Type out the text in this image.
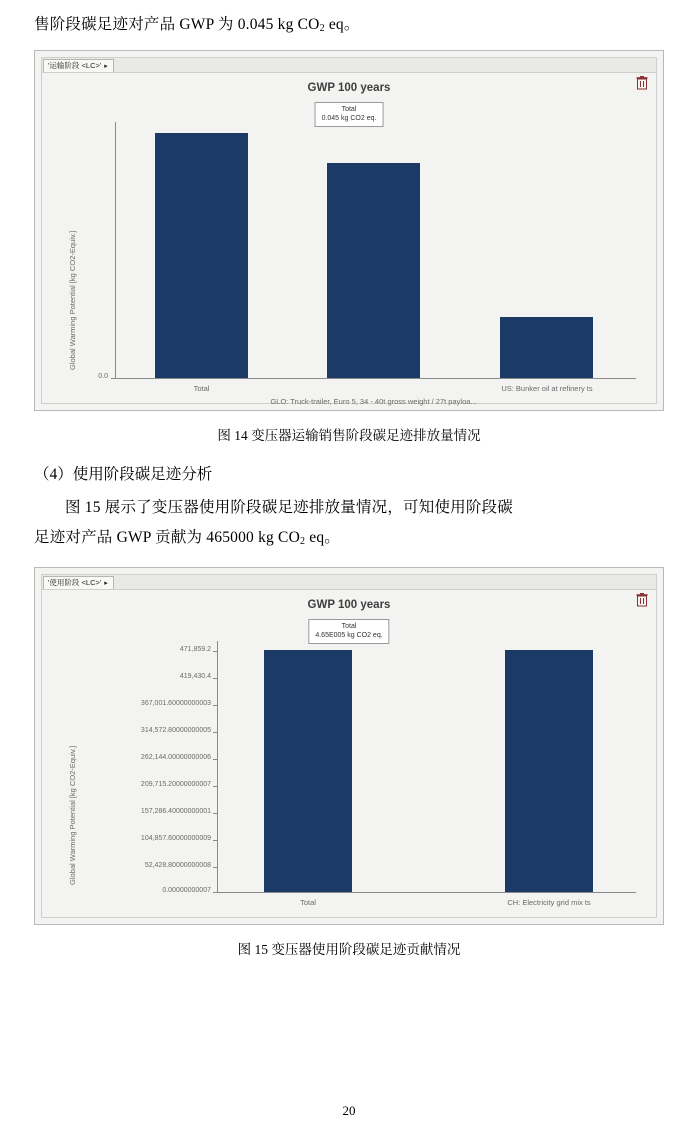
售阶段碳足迹对产品 GWP 为 0.045 kg $CO_2$ eq。

'运输阶段 <LC>' ▸
GWP 100 years
Total
0.045 kg CO2 eq.
Global Warming Potential [kg CO2-Equiv.]
0.0
Total
GLO: Truck-trailer, Euro 5, 34 - 40t gross weight / 27t payloa...
US: Bunker oil at refinery ts

图 14 变压器运输销售阶段碳足迹排放量情况

（4）使用阶段碳足迹分析

图 15 展示了变压器使用阶段碳足迹排放量情况，可知使用阶段碳

足迹对产品 GWP 贡献为 465000 kg $CO_2$ eq。

'使用阶段 <LC>' ▸
GWP 100 years
Total
4.65E005 kg CO2 eq.
Global Warming Potential [kg CO2-Equiv.]
471,859.2
419,430.4
367,001.60000000003
314,572.80000000005
262,144.00000000006
209,715.20000000007
157,286.40000000001
104,857.60000000009
52,428.80000000008
0.00000000007
Total	CH: Electricity grid mix ts

图 15 变压器使用阶段碳足迹贡献情况

20
